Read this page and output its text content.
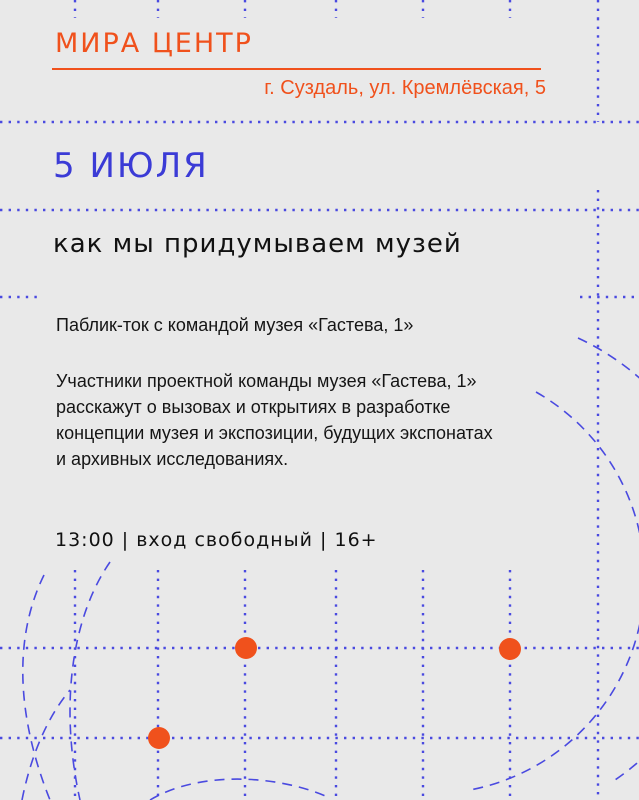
МИРА ЦЕНТР
г. Суздаль, ул. Кремлёвская, 5
5 ИЮЛЯ
как мы придумываем музей
Паблик-ток с командой музея «Гастева, 1»
Участники проектной команды музея «Гастева, 1» расскажут о вызовах и открытиях в разработке концепции музея и экспозиции, будущих экспонатах и архивных исследованиях.
13:00 | вход свободный | 16+
